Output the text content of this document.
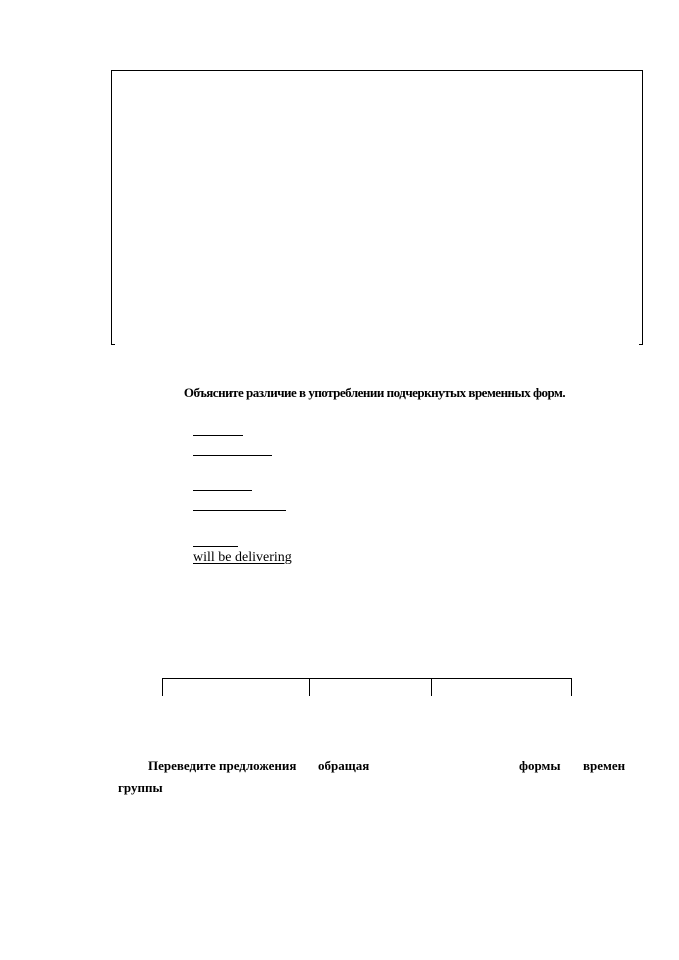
Объясните различие в употреблении подчеркнутых временных форм.
will be delivering
Переведите предложения обращая	формы времен
группы
